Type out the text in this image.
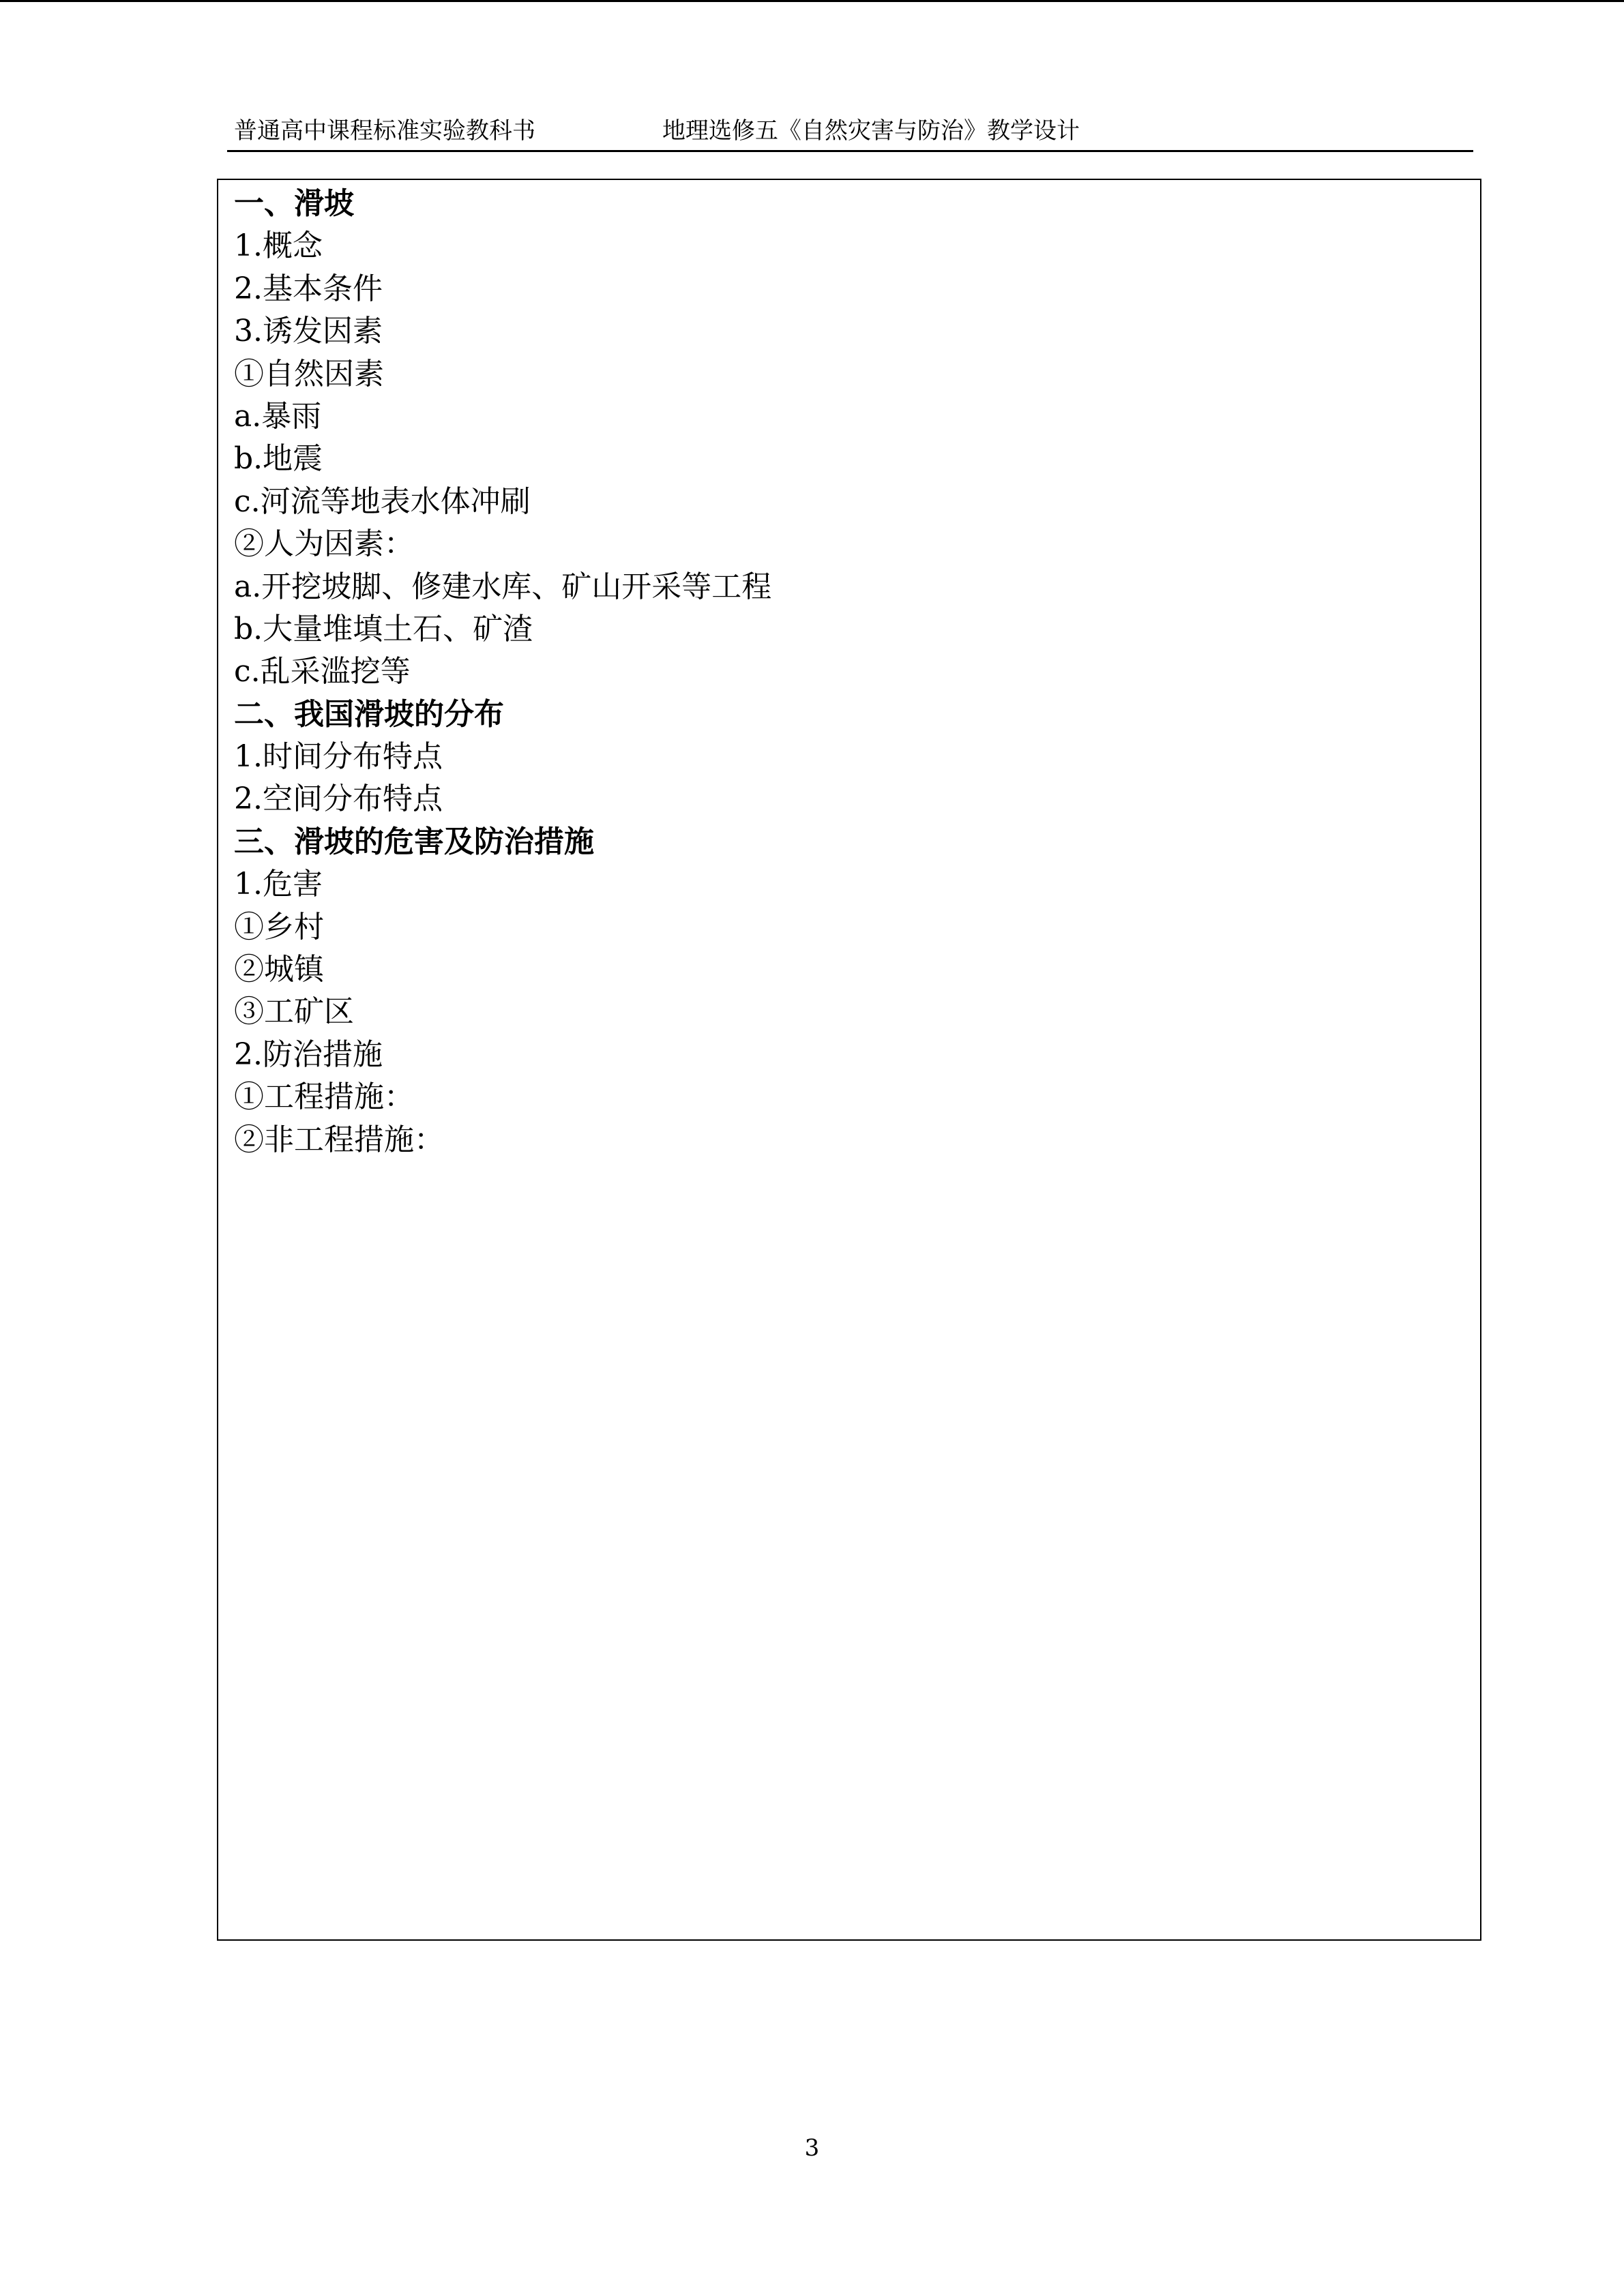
普通高中课程标准实验教科书	地理选修五《自然灾害与防治》教学设计
一、滑坡
1.概念
2.基本条件
3.诱发因素
①自然因素
a.暴雨
b.地震
c.河流等地表水体冲刷
②人为因素：
a.开挖坡脚、修建水库、矿山开采等工程
b.大量堆填土石、矿渣
c.乱采滥挖等
二、我国滑坡的分布
1.时间分布特点
2.空间分布特点
三、滑坡的危害及防治措施
1.危害
①乡村
②城镇
③工矿区
2.防治措施
①工程措施：
②非工程措施：
3
